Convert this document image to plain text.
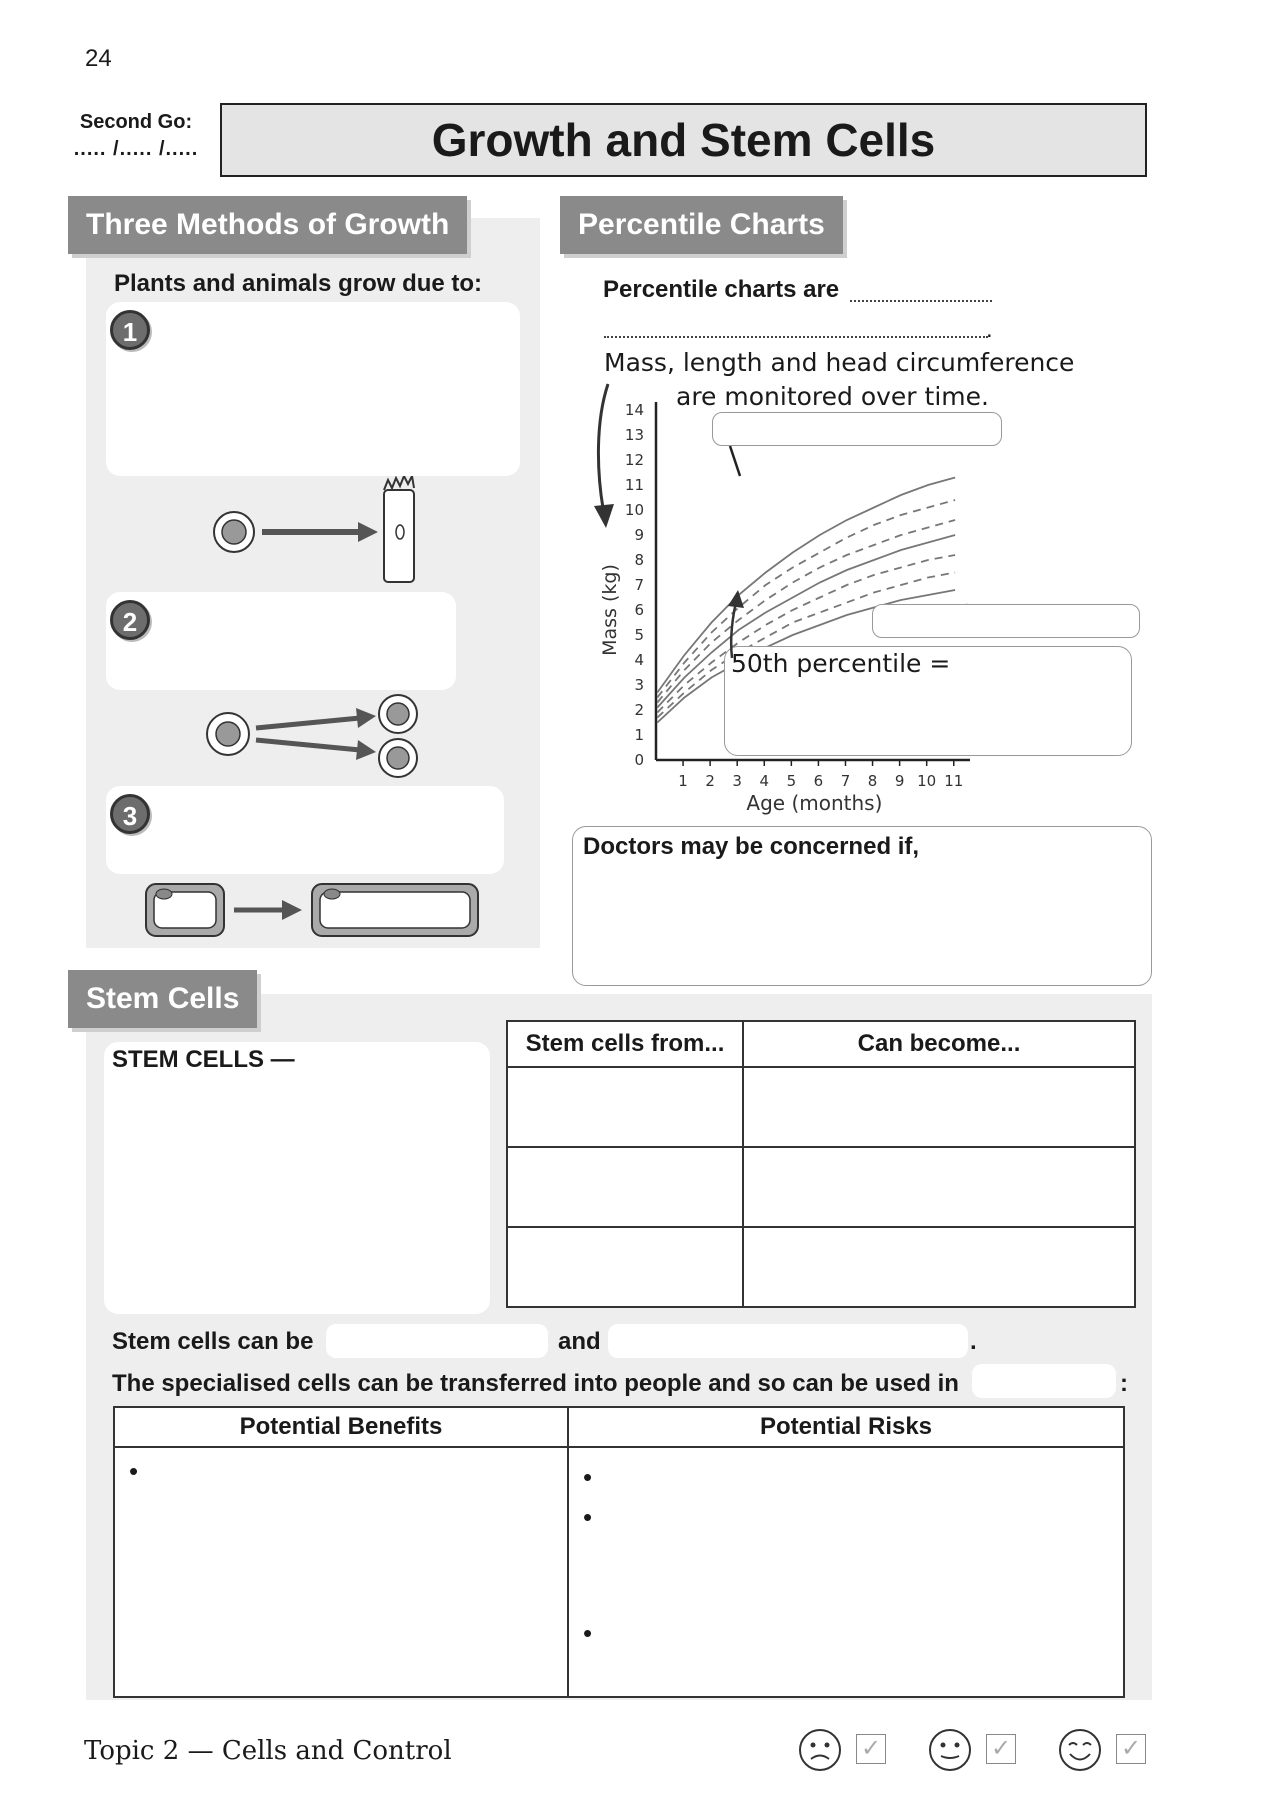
24
Second Go:
..... /..... /.....	Growth and Stem Cells
Three Methods of Growth
Plants and animals grow due to:
1
2
3
Percentile Charts
Percentile charts are
.
Mass, length and head circumference
are monitored over time.
0
1
2
3
4
5
6
7
8
9
10
11
12
13
14
1 2 3 4 5 6 7 8 9 10 11
Age (months)
Mass (kg)
50th percentile =
Doctors may be concerned if,
Stem Cells
STEM CELLS —
Stem cells from...	Can become...

Stem cells can be	and	.
The specialised cells can be transferred into people and so can be used in	:
Potential Benefits	Potential Risks

•	•
•
•
Topic 2 — Cells and Control	✓	✓	✓
